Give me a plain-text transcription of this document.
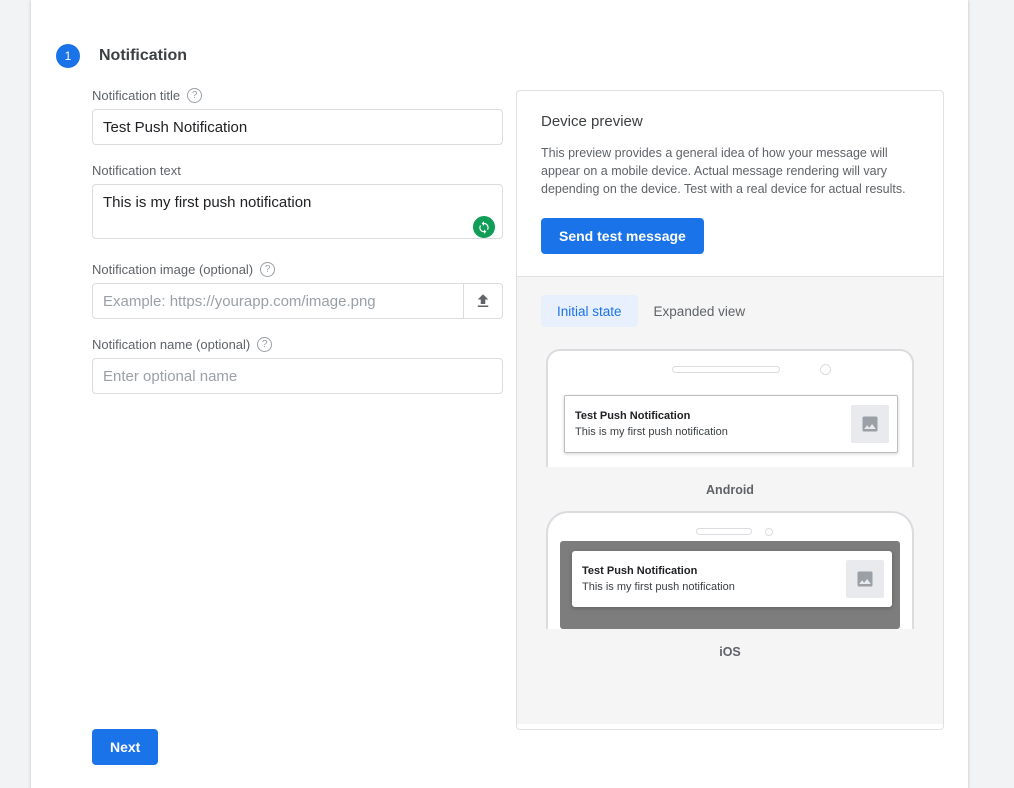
1	Notification
Notification title	?
Test Push Notification
Notification text
This is my first push notification
Notification image (optional)	?
Example: https://yourapp.com/image.png
Notification name (optional)	?
Enter optional name
Next
Device preview
This preview provides a general idea of how your message will appear on a mobile device. Actual message rendering will vary depending on the device. Test with a real device for actual results.
Send test message
Initial state	Expanded view
Test Push Notification
This is my first push notification
Android
Test Push Notification
This is my first push notification
iOS
